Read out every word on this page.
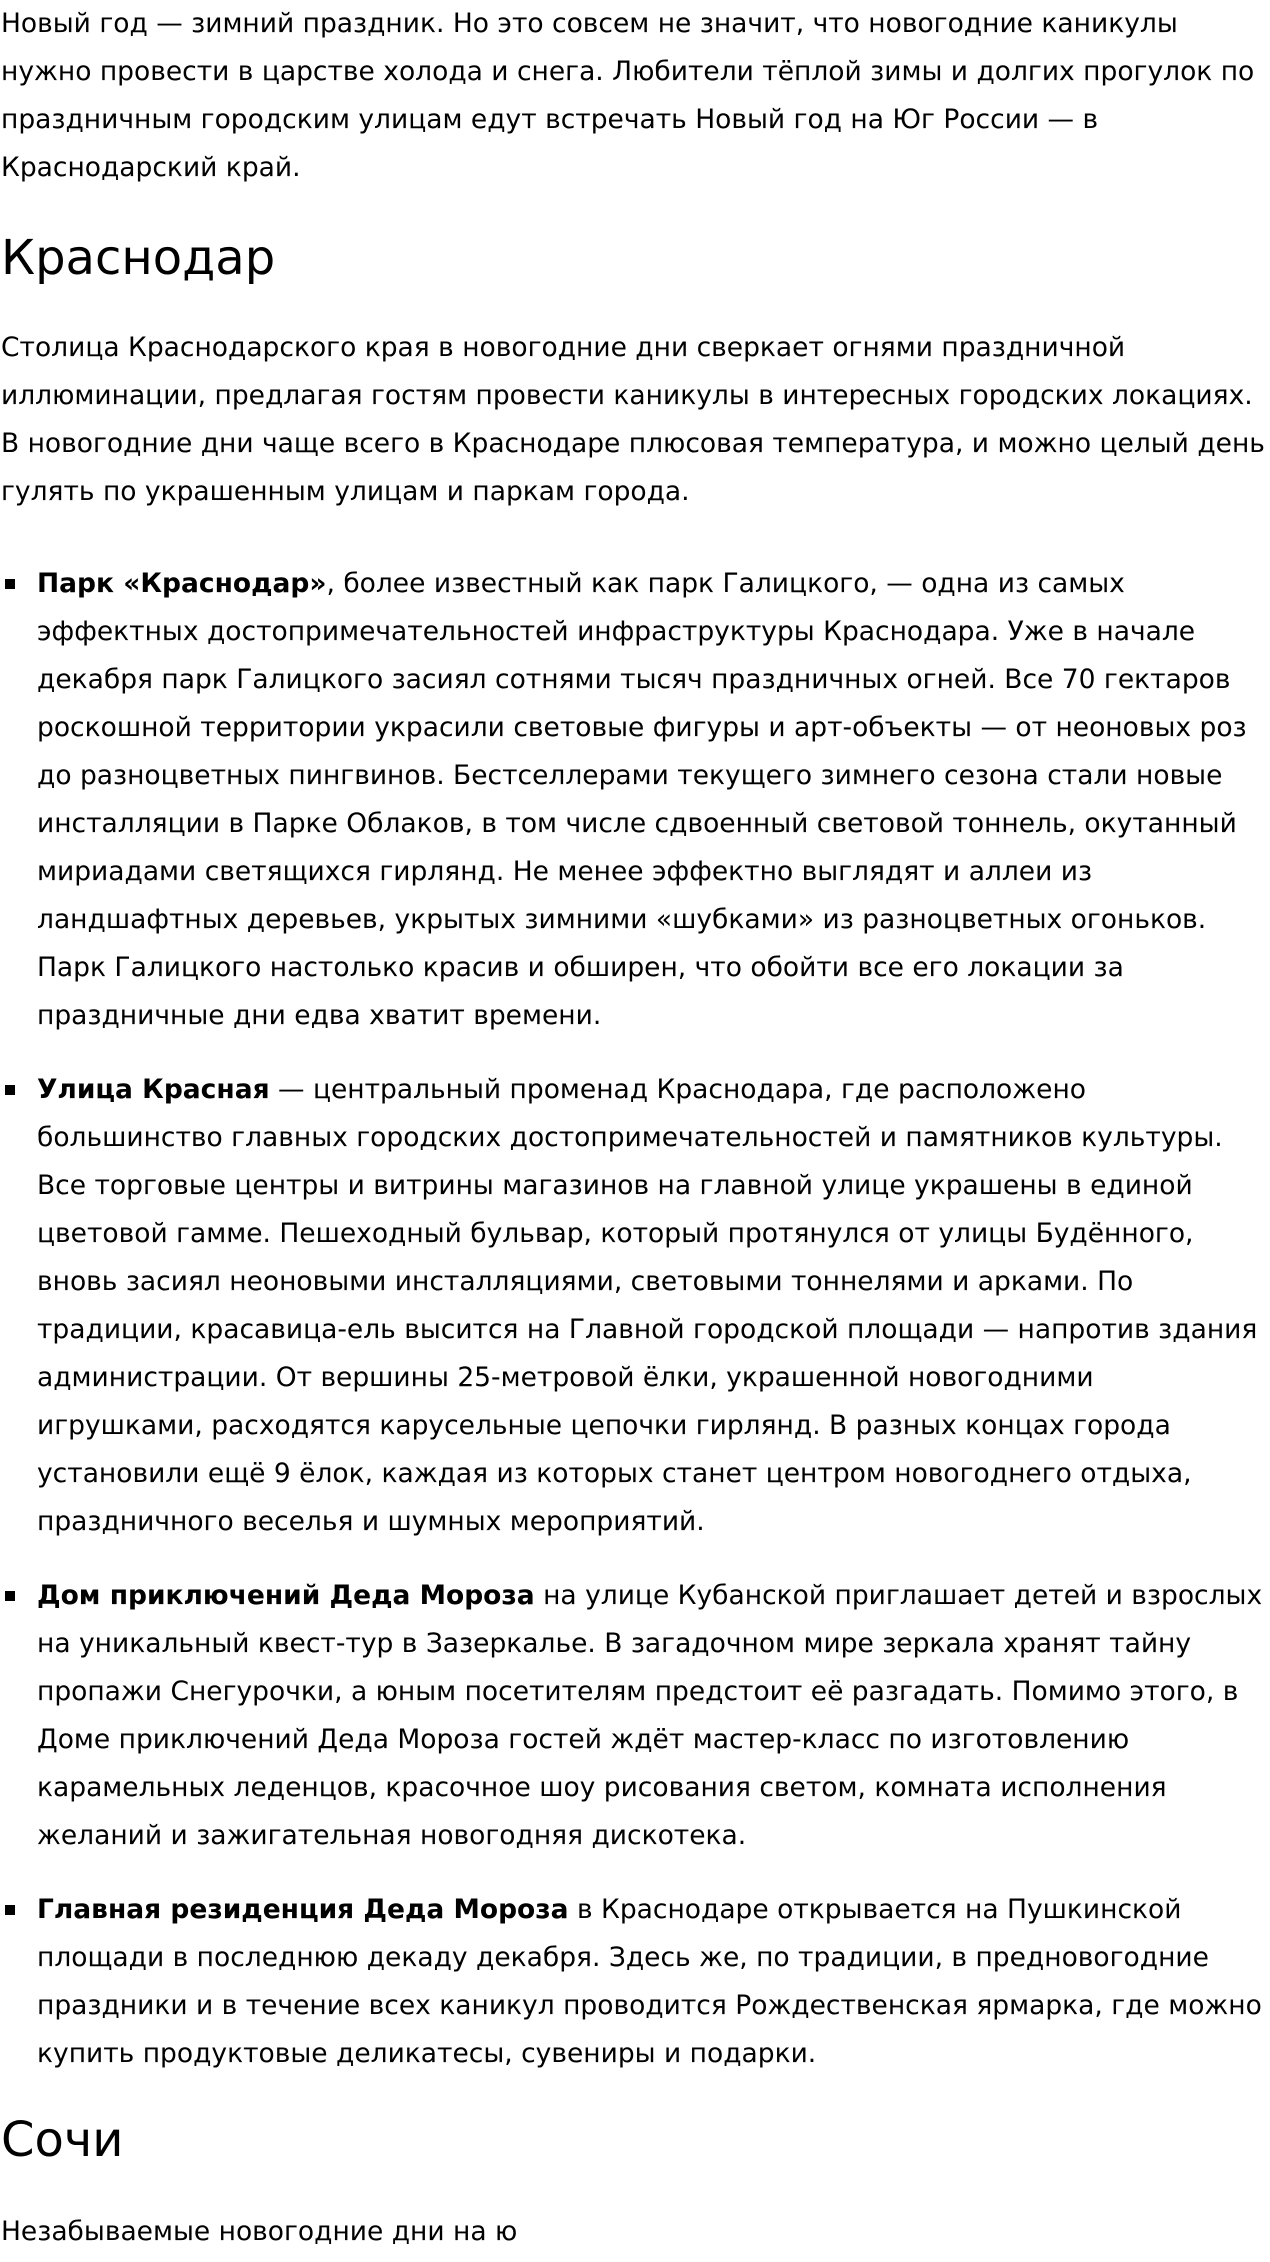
Новый год — зимний праздник. Но это совсем не значит, что новогодние каникулы нужно провести в царстве холода и снега. Любители тёплой зимы и долгих прогулок по праздничным городским улицам едут встречать Новый год на Юг России — в Краснодарский край.

Краснодар

Столица Краснодарского края в новогодние дни сверкает огнями праздничной иллюминации, предлагая гостям провести каникулы в интересных городских локациях. В новогодние дни чаще всего в Краснодаре плюсовая температура, и можно целый день гулять по украшенным улицам и паркам города.

Парк «Краснодар», более известный как парк Галицкого, — одна из самых эффектных достопримечательностей инфраструктуры Краснодара. Уже в начале декабря парк Галицкого засиял сотнями тысяч праздничных огней. Все 70 гектаров роскошной территории украсили световые фигуры и арт-объекты — от неоновых роз до разноцветных пингвинов. Бестселлерами текущего зимнего сезона стали новые инсталляции в Парке Облаков, в том числе сдвоенный световой тоннель, окутанный мириадами светящихся гирлянд. Не менее эффектно выглядят и аллеи из ландшафтных деревьев, укрытых зимними «шубками» из разноцветных огоньков. Парк Галицкого настолько красив и обширен, что обойти все его локации за праздничные дни едва хватит времени.
Улица Красная — центральный променад Краснодара, где расположено большинство главных городских достопримечательностей и памятников культуры. Все торговые центры и витрины магазинов на главной улице украшены в единой цветовой гамме. Пешеходный бульвар, который протянулся от улицы Будённого, вновь засиял неоновыми инсталляциями, световыми тоннелями и арками. По традиции, красавица-ель высится на Главной городской площади — напротив здания администрации. От вершины 25-метровой ёлки, украшенной новогодними игрушками, расходятся карусельные цепочки гирлянд. В разных концах города установили ещё 9 ёлок, каждая из которых станет центром новогоднего отдыха, праздничного веселья и шумных мероприятий.
Дом приключений Деда Мороза на улице Кубанской приглашает детей и взрослых на уникальный квест-тур в Зазеркалье. В загадочном мире зеркала хранят тайну пропажи Снегурочки, а юным посетителям предстоит её разгадать. Помимо этого, в Доме приключений Деда Мороза гостей ждёт мастер-класс по изготовлению карамельных леденцов, красочное шоу рисования светом, комната исполнения желаний и зажигательная новогодняя дискотека.
Главная резиденция Деда Мороза в Краснодаре открывается на Пушкинской площади в последнюю декаду декабря. Здесь же, по традиции, в предновогодние праздники и в течение всех каникул проводится Рождественская ярмарка, где можно купить продуктовые деликатесы, сувениры и подарки.
Сочи

Незабываемые новогодние дни на ю
